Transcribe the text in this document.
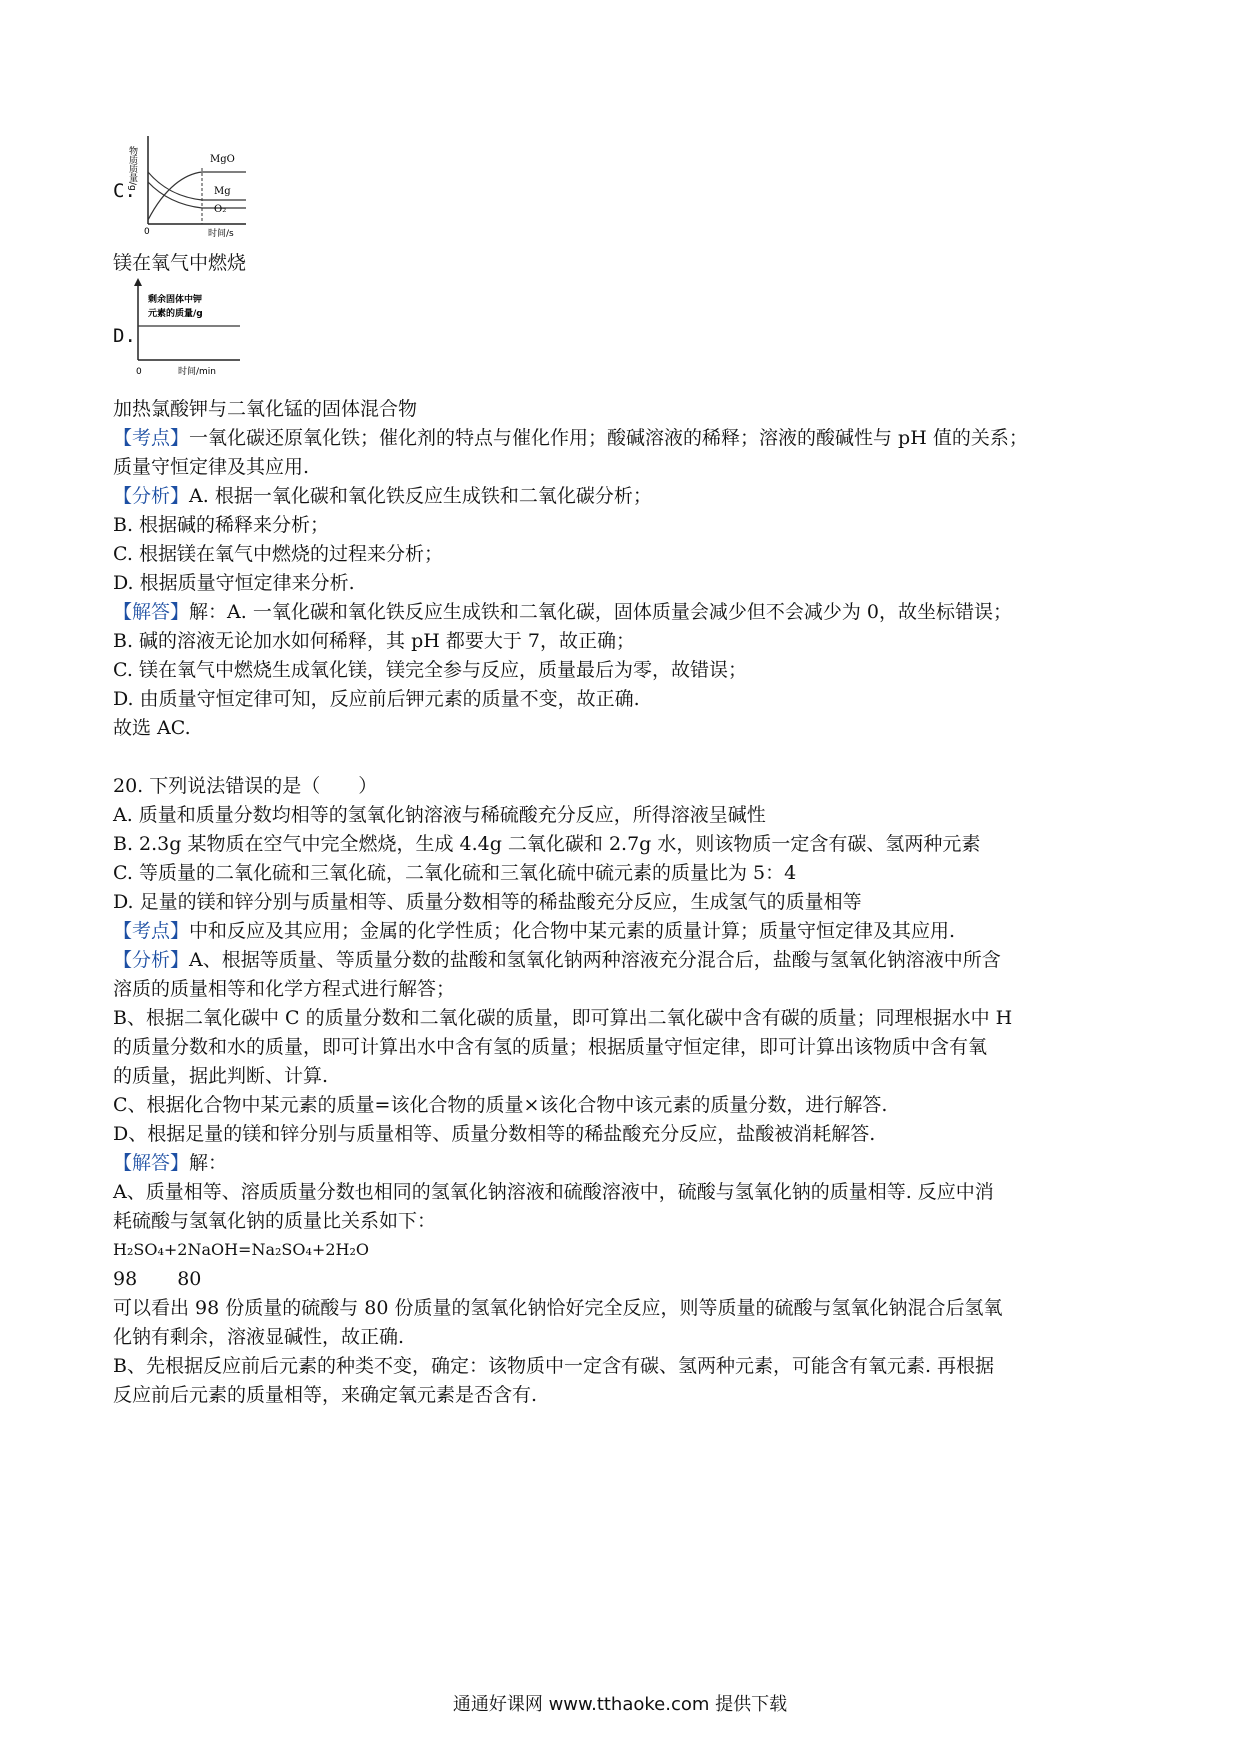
C.
物质质量/g	MgO
Mg
O₂
0	时间/s
镁在氧气中燃烧
D.
剩余固体中钾
元素的质量/g
0	时间/min
加热氯酸钾与二氧化锰的固体混合物
【考点】一氧化碳还原氧化铁；催化剂的特点与催化作用；酸碱溶液的稀释；溶液的酸碱性与 pH 值的关系；
质量守恒定律及其应用.
【分析】A. 根据一氧化碳和氧化铁反应生成铁和二氧化碳分析；
B. 根据碱的稀释来分析；
C. 根据镁在氧气中燃烧的过程来分析；
D. 根据质量守恒定律来分析.
【解答】解：A. 一氧化碳和氧化铁反应生成铁和二氧化碳，固体质量会减少但不会减少为 0，故坐标错误；
B. 碱的溶液无论加水如何稀释，其 pH 都要大于 7，故正确；
C. 镁在氧气中燃烧生成氧化镁，镁完全参与反应，质量最后为零，故错误；
D. 由质量守恒定律可知，反应前后钾元素的质量不变，故正确.
故选 AC.
20. 下列说法错误的是（　　）
A. 质量和质量分数均相等的氢氧化钠溶液与稀硫酸充分反应，所得溶液呈碱性
B. 2.3g 某物质在空气中完全燃烧，生成 4.4g 二氧化碳和 2.7g 水，则该物质一定含有碳、氢两种元素
C. 等质量的二氧化硫和三氧化硫，二氧化硫和三氧化硫中硫元素的质量比为 5：4
D. 足量的镁和锌分别与质量相等、质量分数相等的稀盐酸充分反应，生成氢气的质量相等
【考点】中和反应及其应用；金属的化学性质；化合物中某元素的质量计算；质量守恒定律及其应用.
【分析】A、根据等质量、等质量分数的盐酸和氢氧化钠两种溶液充分混合后，盐酸与氢氧化钠溶液中所含
溶质的质量相等和化学方程式进行解答；
B、根据二氧化碳中 C 的质量分数和二氧化碳的质量，即可算出二氧化碳中含有碳的质量；同理根据水中 H
的质量分数和水的质量，即可计算出水中含有氢的质量；根据质量守恒定律，即可计算出该物质中含有氧
的质量，据此判断、计算.
C、根据化合物中某元素的质量=该化合物的质量×该化合物中该元素的质量分数，进行解答.
D、根据足量的镁和锌分别与质量相等、质量分数相等的稀盐酸充分反应，盐酸被消耗解答.
【解答】解：
A、质量相等、溶质质量分数也相同的氢氧化钠溶液和硫酸溶液中，硫酸与氢氧化钠的质量相等. 反应中消
耗硫酸与氢氧化钠的质量比关系如下：
H₂SO₄+2NaOH=Na₂SO₄+2H₂O
98 80
可以看出 98 份质量的硫酸与 80 份质量的氢氧化钠恰好完全反应，则等质量的硫酸与氢氧化钠混合后氢氧
化钠有剩余，溶液显碱性，故正确.
B、先根据反应前后元素的种类不变，确定：该物质中一定含有碳、氢两种元素，可能含有氧元素. 再根据
反应前后元素的质量相等，来确定氧元素是否含有.
通通好课网 www.tthaoke.com 提供下载
